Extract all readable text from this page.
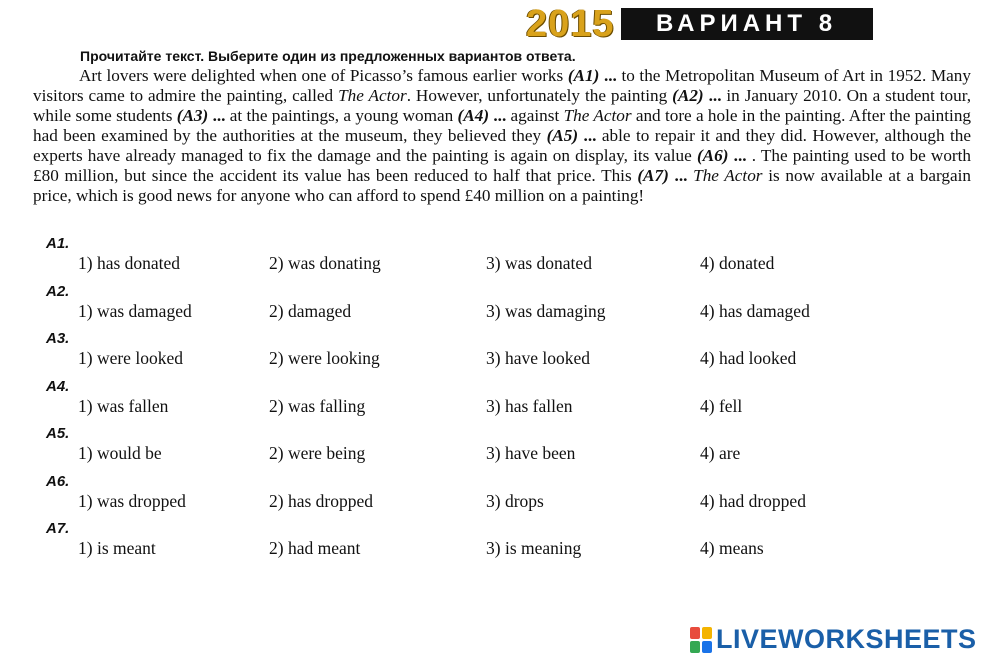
2015	ВАРИАНТ 8
Прочитайте текст. Выберите один из предложенных вариантов ответа.
Art lovers were delighted when one of Picasso’s famous earlier works (A1) ... to the Metropolitan Museum of Art in 1952. Many visitors came to admire the painting, called The Actor. However, unfortunately the painting (A2) ... in January 2010. On a student tour, while some students (A3) ... at the paintings, a young woman (A4) ... against The Actor and tore a hole in the painting. After the painting had been examined by the authorities at the museum, they believed they (A5) ... able to repair it and they did. However, although the experts have already managed to fix the damage and the painting is again on display, its value (A6) ... . The painting used to be worth £80 million, but since the accident its value has been reduced to half that price. This (A7) ... The Actor is now available at a bargain price, which is good news for anyone who can afford to spend £40 million on a painting!
A1.
1) has donated	2) was donating	3) was donated	4) donated
A2.
1) was damaged	2) damaged	3) was damaging	4) has damaged
A3.
1) were looked	2) were looking	3) have looked	4) had looked
A4.
1) was fallen	2) was falling	3) has fallen	4) fell
A5.
1) would be	2) were being	3) have been	4) are
A6.
1) was dropped	2) has dropped	3) drops	4) had dropped
A7.
1) is meant	2) had meant	3) is meaning	4) means
LIVEWORKSHEETS
